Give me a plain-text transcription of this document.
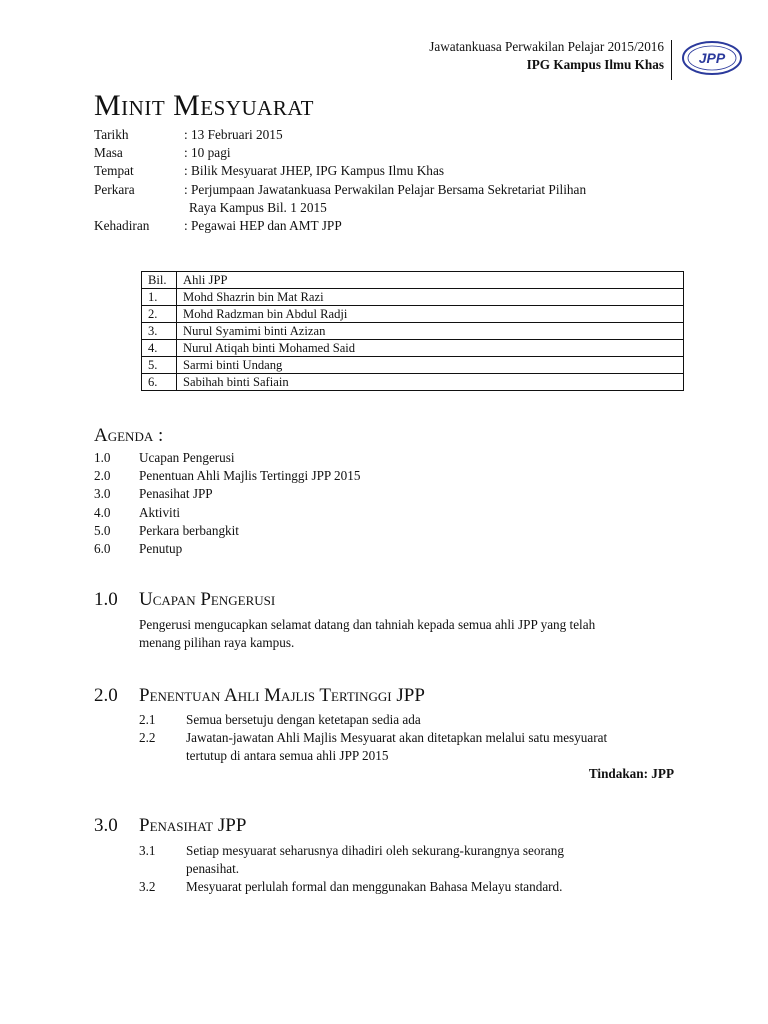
Jawatankuasa Perwakilan Pelajar 2015/2016
IPG Kampus Ilmu Khas JPP
Minit Mesyuarat
Tarikh	: 13 Februari 2015
Masa	: 10 pagi
Tempat	: Bilik Mesyuarat JHEP, IPG Kampus Ilmu Khas
Perkara	: Perjumpaan Jawatankuasa Perwakilan Pelajar Bersama Sekretariat Pilihan
Raya Kampus Bil. 1 2015
Kehadiran	: Pegawai HEP dan AMT JPP
Bil.	Ahli JPP
1.	Mohd Shazrin bin Mat Razi
2.	Mohd Radzman bin Abdul Radji
3.	Nurul Syamimi binti Azizan
4.	Nurul Atiqah binti Mohamed Said
5.	Sarmi binti Undang
6.	Sabihah binti Safiain
Agenda :
1.0	Ucapan Pengerusi
2.0	Penentuan Ahli Majlis Tertinggi JPP 2015
3.0	Penasihat JPP
4.0	Aktiviti
5.0	Perkara berbangkit
6.0	Penutup
1.0 Ucapan Pengerusi
Pengerusi mengucapkan selamat datang dan tahniah kepada semua ahli JPP yang telah
menang pilihan raya kampus.
2.0 Penentuan Ahli Majlis Tertinggi JPP
2.1	Semua bersetuju dengan ketetapan sedia ada
2.2	Jawatan-jawatan Ahli Majlis Mesyuarat akan ditetapkan melalui satu mesyuarat
tertutup di antara semua ahli JPP 2015
Tindakan: JPP
3.0 Penasihat JPP
3.1	Setiap mesyuarat seharusnya dihadiri oleh sekurang-kurangnya seorang
penasihat.
3.2	Mesyuarat perlulah formal dan menggunakan Bahasa Melayu standard.
